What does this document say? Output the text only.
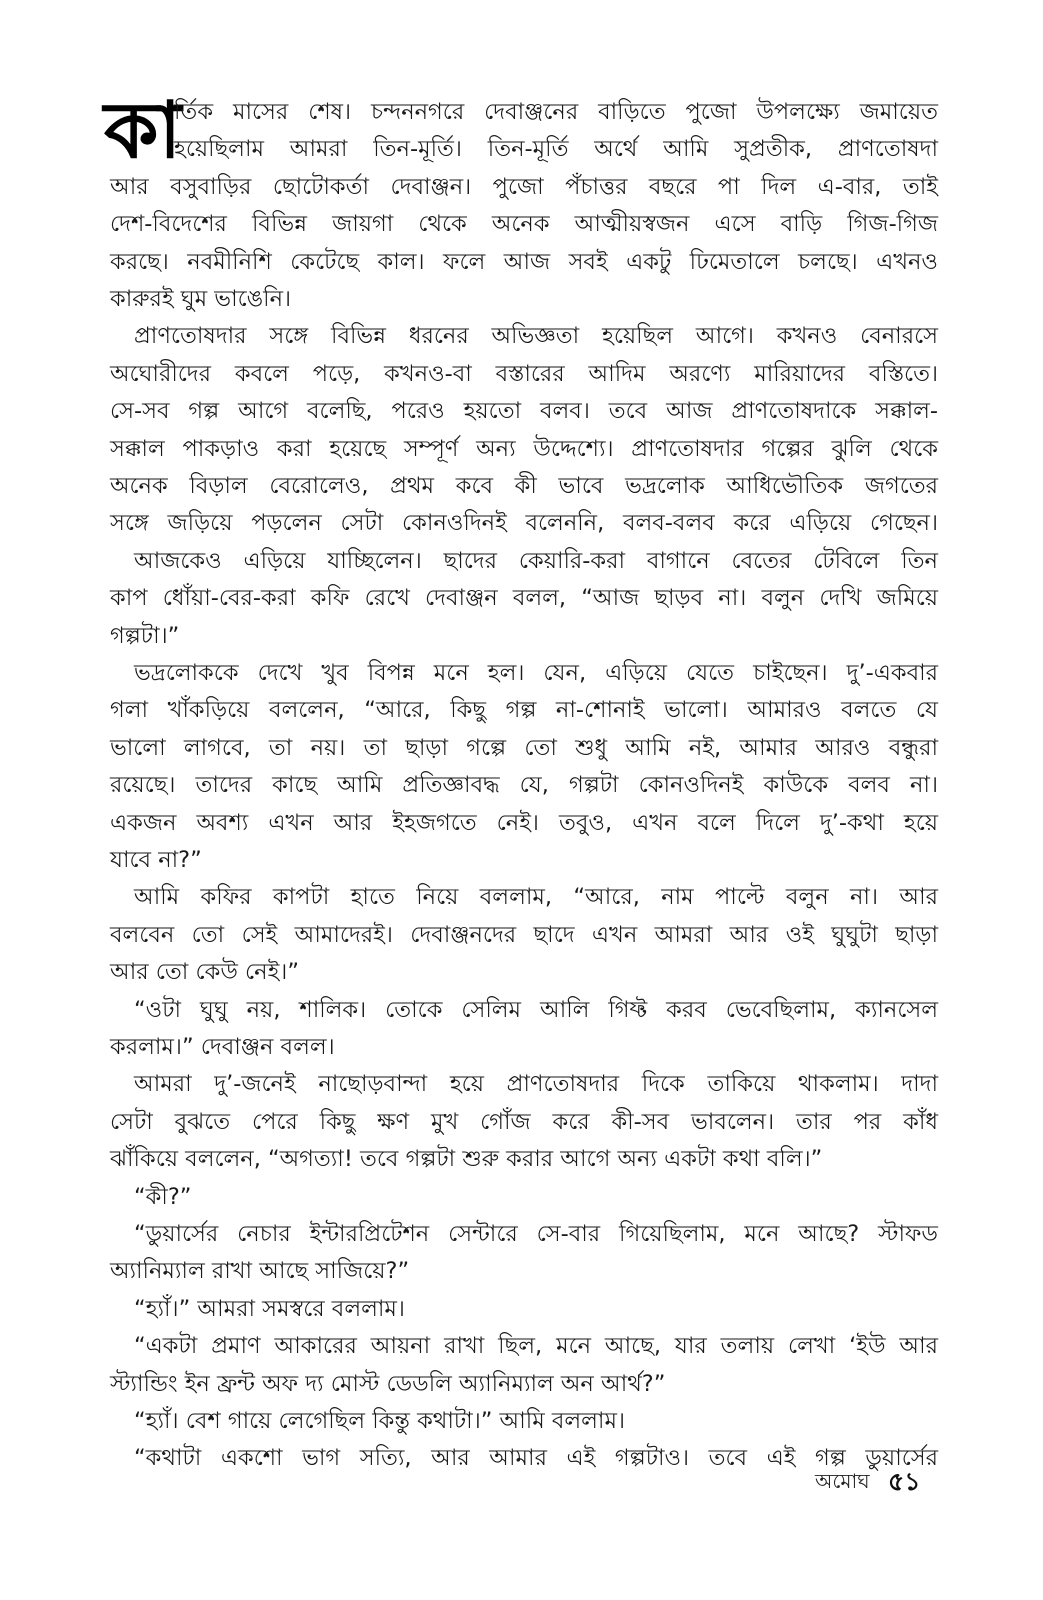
কা
র্তিক মাসের শেষ। চন্দননগরে দেবাঞ্জনের বাড়িতে পুজো উপলক্ষ্যে জমায়েত
হয়েছিলাম আমরা তিন-মূর্তি। তিন-মূর্তি অর্থে আমি সুপ্রতীক, প্রাণতোষদা
আর বসুবাড়ির ছোটোকর্তা দেবাঞ্জন। পুজো পঁচাত্তর বছরে পা দিল এ-বার, তাই
দেশ-বিদেশের বিভিন্ন জায়গা থেকে অনেক আত্মীয়স্বজন এসে বাড়ি গিজ-গিজ
করছে। নবমীনিশি কেটেছে কাল। ফলে আজ সবই একটু ঢিমেতালে চলছে। এখনও
কারুরই ঘুম ভাঙেনি।
প্রাণতোষদার সঙ্গে বিভিন্ন ধরনের অভিজ্ঞতা হয়েছিল আগে। কখনও বেনারসে
অঘোরীদের কবলে পড়ে, কখনও-বা বস্তারের আদিম অরণ্যে মারিয়াদের বস্তিতে।
সে-সব গল্প আগে বলেছি, পরেও হয়তো বলব। তবে আজ প্রাণতোষদাকে সক্কাল-
সক্কাল পাকড়াও করা হয়েছে সম্পূর্ণ অন্য উদ্দেশ্যে। প্রাণতোষদার গল্পের ঝুলি থেকে
অনেক বিড়াল বেরোলেও, প্রথম কবে কী ভাবে ভদ্রলোক আধিভৌতিক জগতের
সঙ্গে জড়িয়ে পড়লেন সেটা কোনওদিনই বলেননি, বলব-বলব করে এড়িয়ে গেছেন।
আজকেও এড়িয়ে যাচ্ছিলেন। ছাদের কেয়ারি-করা বাগানে বেতের টেবিলে তিন
কাপ ধোঁয়া-বের-করা কফি রেখে দেবাঞ্জন বলল, “আজ ছাড়ব না। বলুন দেখি জমিয়ে
গল্পটা।”
ভদ্রলোককে দেখে খুব বিপন্ন মনে হল। যেন, এড়িয়ে যেতে চাইছেন। দু’-একবার
গলা খাঁকড়িয়ে বললেন, “আরে, কিছু গল্প না-শোনাই ভালো। আমারও বলতে যে
ভালো লাগবে, তা নয়। তা ছাড়া গল্পে তো শুধু আমি নই, আমার আরও বন্ধুরা
রয়েছে। তাদের কাছে আমি প্রতিজ্ঞাবদ্ধ যে, গল্পটা কোনওদিনই কাউকে বলব না।
একজন অবশ্য এখন আর ইহজগতে নেই। তবুও, এখন বলে দিলে দু’-কথা হয়ে
যাবে না?”
আমি কফির কাপটা হাতে নিয়ে বললাম, “আরে, নাম পাল্টে বলুন না। আর
বলবেন তো সেই আমাদেরই। দেবাঞ্জনদের ছাদে এখন আমরা আর ওই ঘুঘুটা ছাড়া
আর তো কেউ নেই।”
“ওটা ঘুঘু নয়, শালিক। তোকে সেলিম আলি গিফ্ট করব ভেবেছিলাম, ক্যানসেল
করলাম।” দেবাঞ্জন বলল।
আমরা দু’-জনেই নাছোড়বান্দা হয়ে প্রাণতোষদার দিকে তাকিয়ে থাকলাম। দাদা
সেটা বুঝতে পেরে কিছু ক্ষণ মুখ গোঁজ করে কী-সব ভাবলেন। তার পর কাঁধ
ঝাঁকিয়ে বললেন, “অগত্যা! তবে গল্পটা শুরু করার আগে অন্য একটা কথা বলি।”
“কী?”
“ডুয়ার্সের নেচার ইন্টারপ্রিটেশন সেন্টারে সে-বার গিয়েছিলাম, মনে আছে? স্টাফড
অ্যানিম্যাল রাখা আছে সাজিয়ে?”
“হ্যাঁ।” আমরা সমস্বরে বললাম।
“একটা প্রমাণ আকারের আয়না রাখা ছিল, মনে আছে, যার তলায় লেখা ‘ইউ আর
স্ট্যান্ডিং ইন ফ্রন্ট অফ দ্য মোস্ট ডেডলি অ্যানিম্যাল অন আর্থ?”
“হ্যাঁ। বেশ গায়ে লেগেছিল কিন্তু কথাটা।” আমি বললাম।
“কথাটা একশো ভাগ সত্যি, আর আমার এই গল্পটাও। তবে এই গল্প ডুয়ার্সের
অমোঘ ৫১
